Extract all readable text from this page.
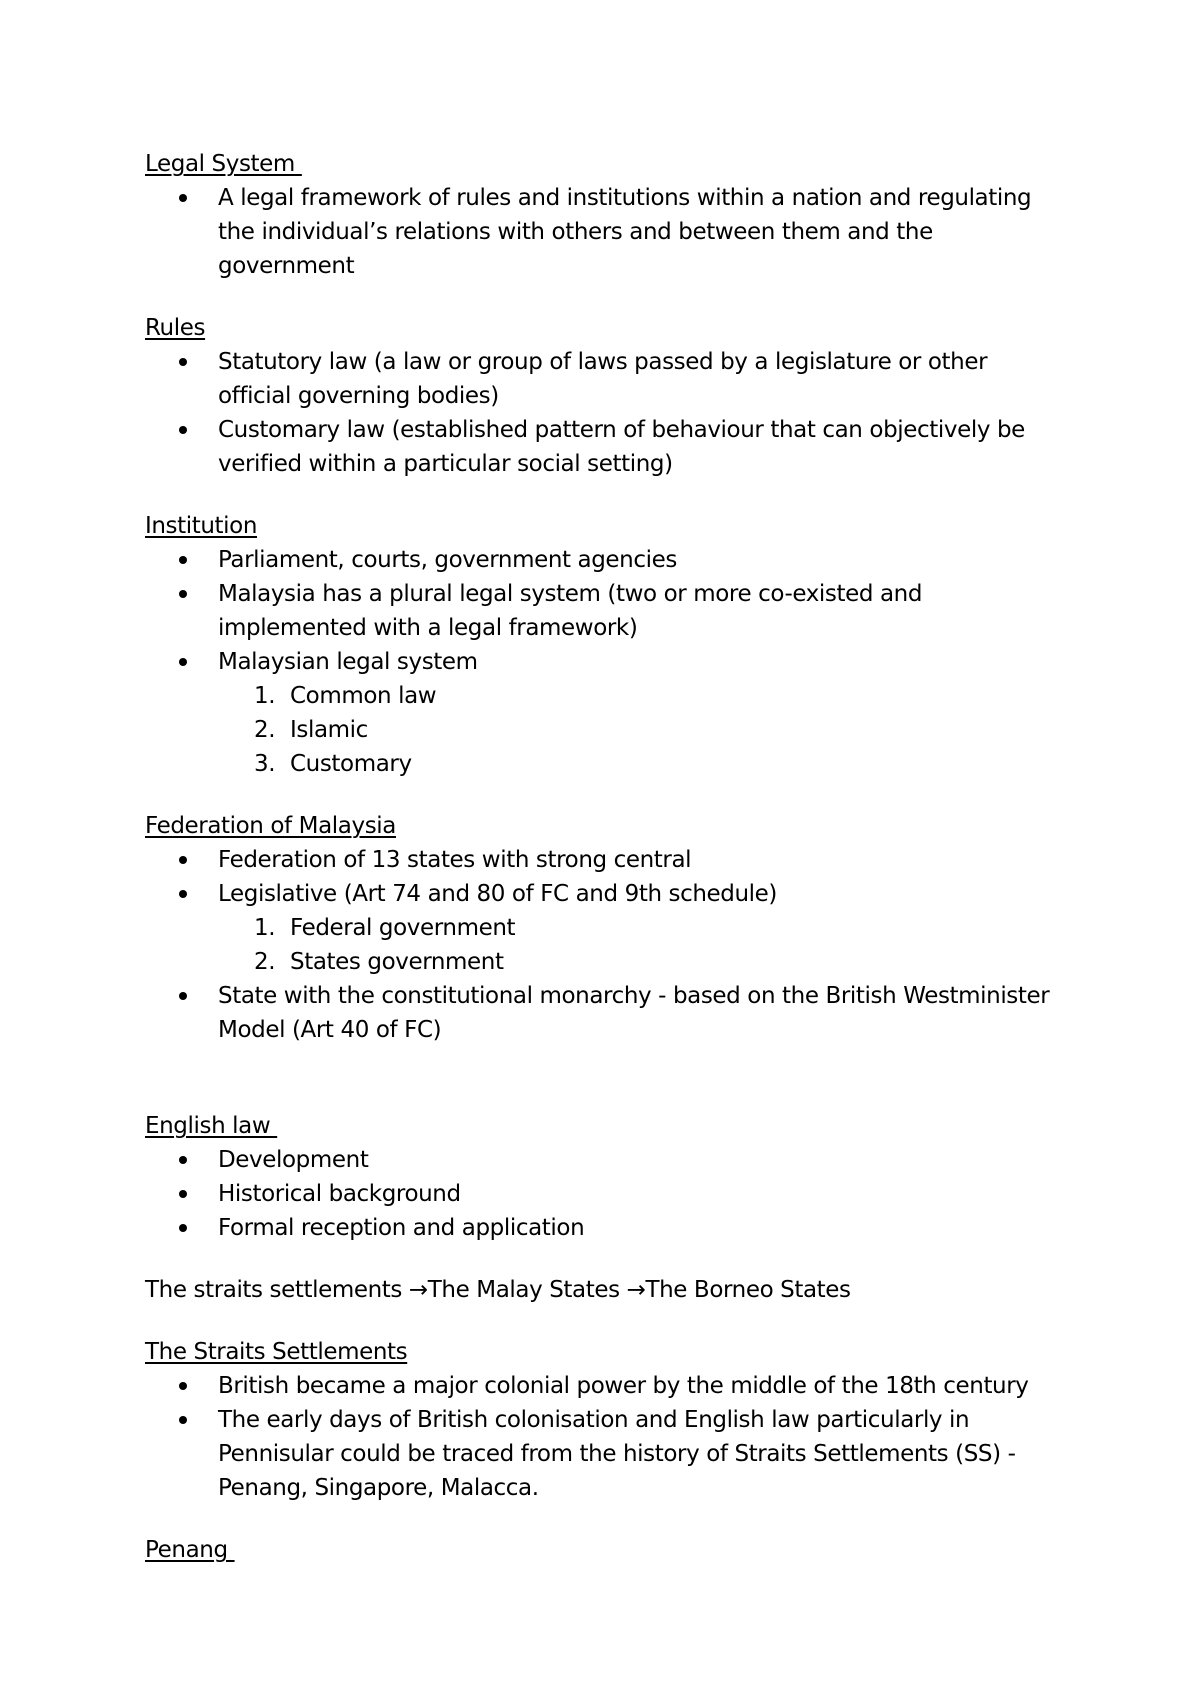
Legal System
A legal framework of rules and institutions within a nation and regulating the individual’s relations with others and between them and the government
Rules
Statutory law (a law or group of laws passed by a legislature or other official governing bodies)
Customary law (established pattern of behaviour that can objectively be verified within a particular social setting)
Institution
Parliament, courts, government agencies
Malaysia has a plural legal system (two or more co-existed and implemented with a legal framework)
Malaysian legal system
1. Common law
2. Islamic
3. Customary
Federation of Malaysia
Federation of 13 states with strong central
Legislative (Art 74 and 80 of FC and 9th schedule)
1. Federal government
2. States government
State with the constitutional monarchy - based on the British Westminister Model (Art 40 of FC)
English law
Development
Historical background
Formal reception and application
The straits settlements →The Malay States →The Borneo States
The Straits Settlements
British became a major colonial power by the middle of the 18th century
The early days of British colonisation and English law particularly in Pennisular could be traced from the history of Straits Settlements (SS) - Penang, Singapore, Malacca.
Penang
